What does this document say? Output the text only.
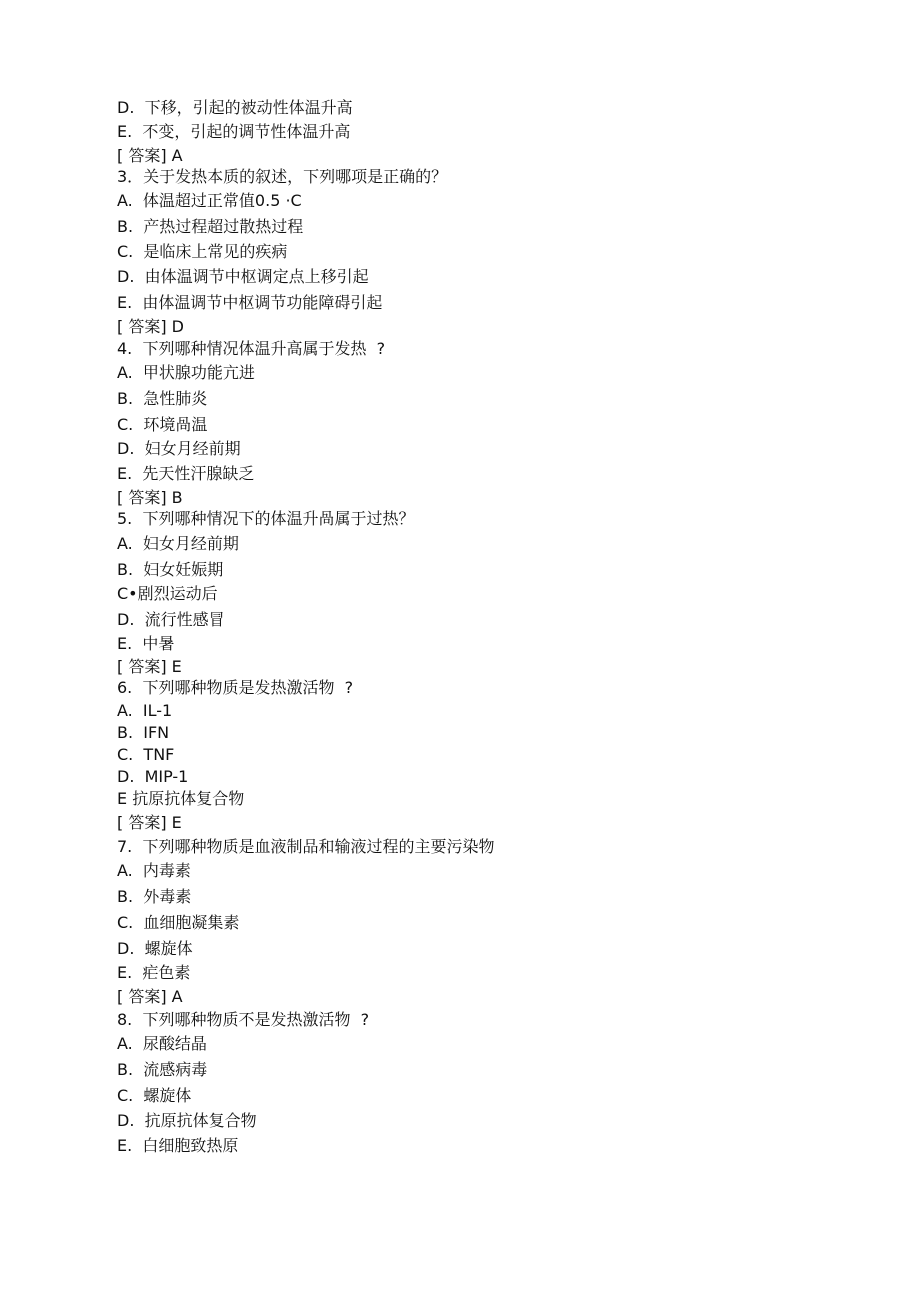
D.  下移，引起的被动性体温升高

E.  不变，引起的调节性体温升高

[ 答案] A

3．关于发热本质的叙述，下列哪项是正确的？

A.  体温超过正常值0.5 ·C

B.  产热过程超过散热过程

C.  是临床上常见的疾病

D.  由体温调节中枢调定点上移引起

E.  由体温调节中枢调节功能障碍引起

[ 答案] D

4.  下列哪种情况体温升高属于发热  ?

A.  甲状腺功能亢进

B.  急性肺炎

C.  环境咼温

D.  妇女月经前期

E.  先天性汗腺缺乏

[ 答案] B

5.  下列哪种情况下的体温升咼属于过热？

A.  妇女月经前期

B.  妇女妊娠期

C•剧烈运动后

D.  流行性感冒

E.  中暑

[ 答案] E

6.  下列哪种物质是发热激活物  ?

A.  IL-1

B.  IFN

C.  TNF

D.  MIP-1

E 抗原抗体复合物

[ 答案] E

7.  下列哪种物质是血液制品和输液过程的主要污染物

A.  内毒素

B.  外毒素

C.  血细胞凝集素

D.  螺旋体

E.  疟色素

[ 答案] A

8.  下列哪种物质不是发热激活物  ?

A.  尿酸结晶

B.  流感病毒

C.  螺旋体

D.  抗原抗体复合物

E.  白细胞致热原
